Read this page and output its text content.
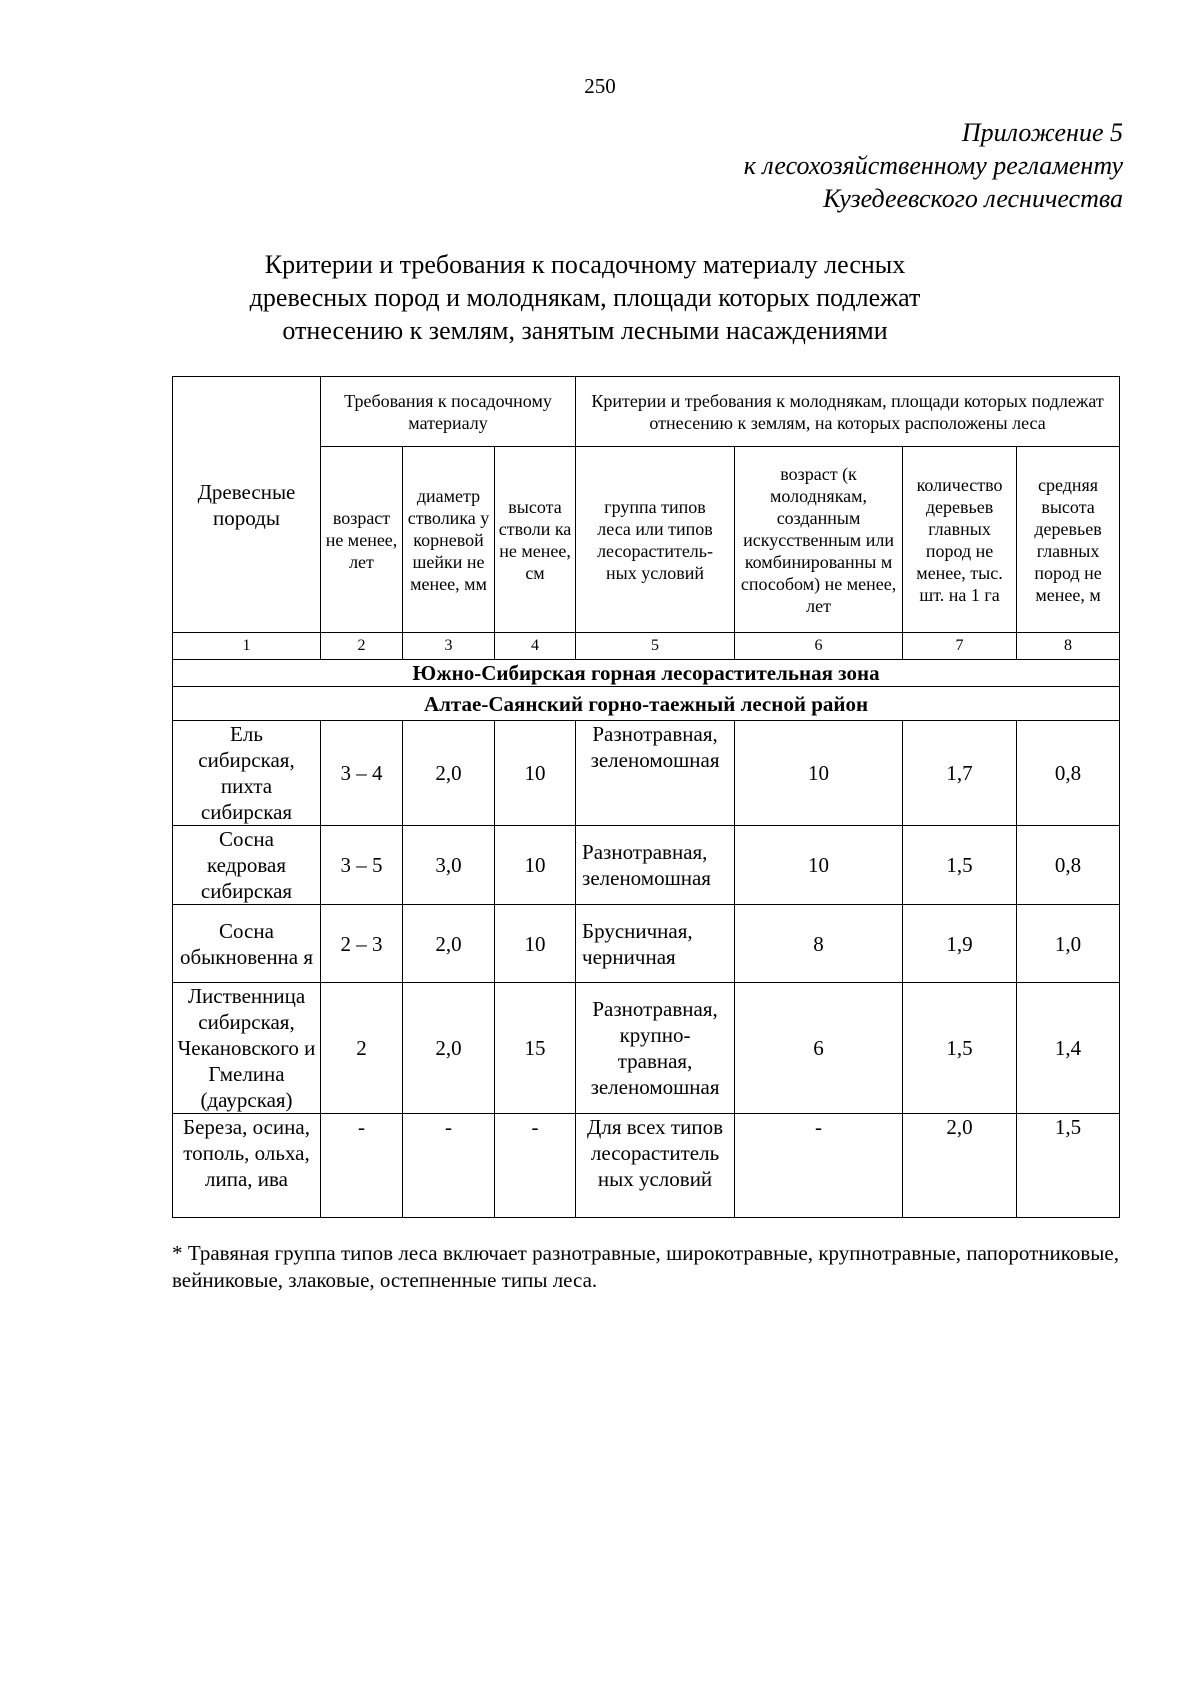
250
Приложение 5
к лесохозяйственному регламенту
Кузедеевского лесничества
Критерии и требования к посадочному материалу лесных
древесных пород и молоднякам, площади которых подлежат
отнесению к землям, занятым лесными насаждениями
Древесные породы	Требования к посадочному материалу			Критерии и требования к молоднякам, площади которых подлежат отнесению к землям, на которых расположены леса			
	возраст не менее, лет	диаметр стволика у корневой шейки не менее, мм	высота стволи ка не менее, см	группа типов леса или типов лесораститель-ных условий	возраст (к молоднякам, созданным искусственным или комбинированны м способом) не менее, лет	количество деревьев главных пород не менее, тыс. шт. на 1 га	средняя высота деревьев главных пород не менее, м
1	2	3	4	5	6	7	8
Южно-Сибирская горная лесорастительная зона							
Алтае-Саянский горно-таежный лесной район							
Ель сибирская, пихта сибирская	3 – 4	2,0	10	Разнотравная, зеленомошная	10	1,7	0,8
Сосна кедровая сибирская	3 – 5	3,0	10	Разнотравная, зеленомошная	10	1,5	0,8
Сосна обыкновенна я	2 – 3	2,0	10	Брусничная, черничная	8	1,9	1,0
Лиственница сибирская, Чекановского и Гмелина (даурская)	2	2,0	15	Разнотравная, крупно-травная, зеленомошная	6	1,5	1,4
Береза, осина, тополь, ольха, липа, ива	-	-	-	Для всех типов лесораститель ных условий	-	2,0	1,5
* Травяная группа типов леса включает разнотравные, широкотравные, крупнотравные, папоротниковые, вейниковые, злаковые, остепненные типы леса.
